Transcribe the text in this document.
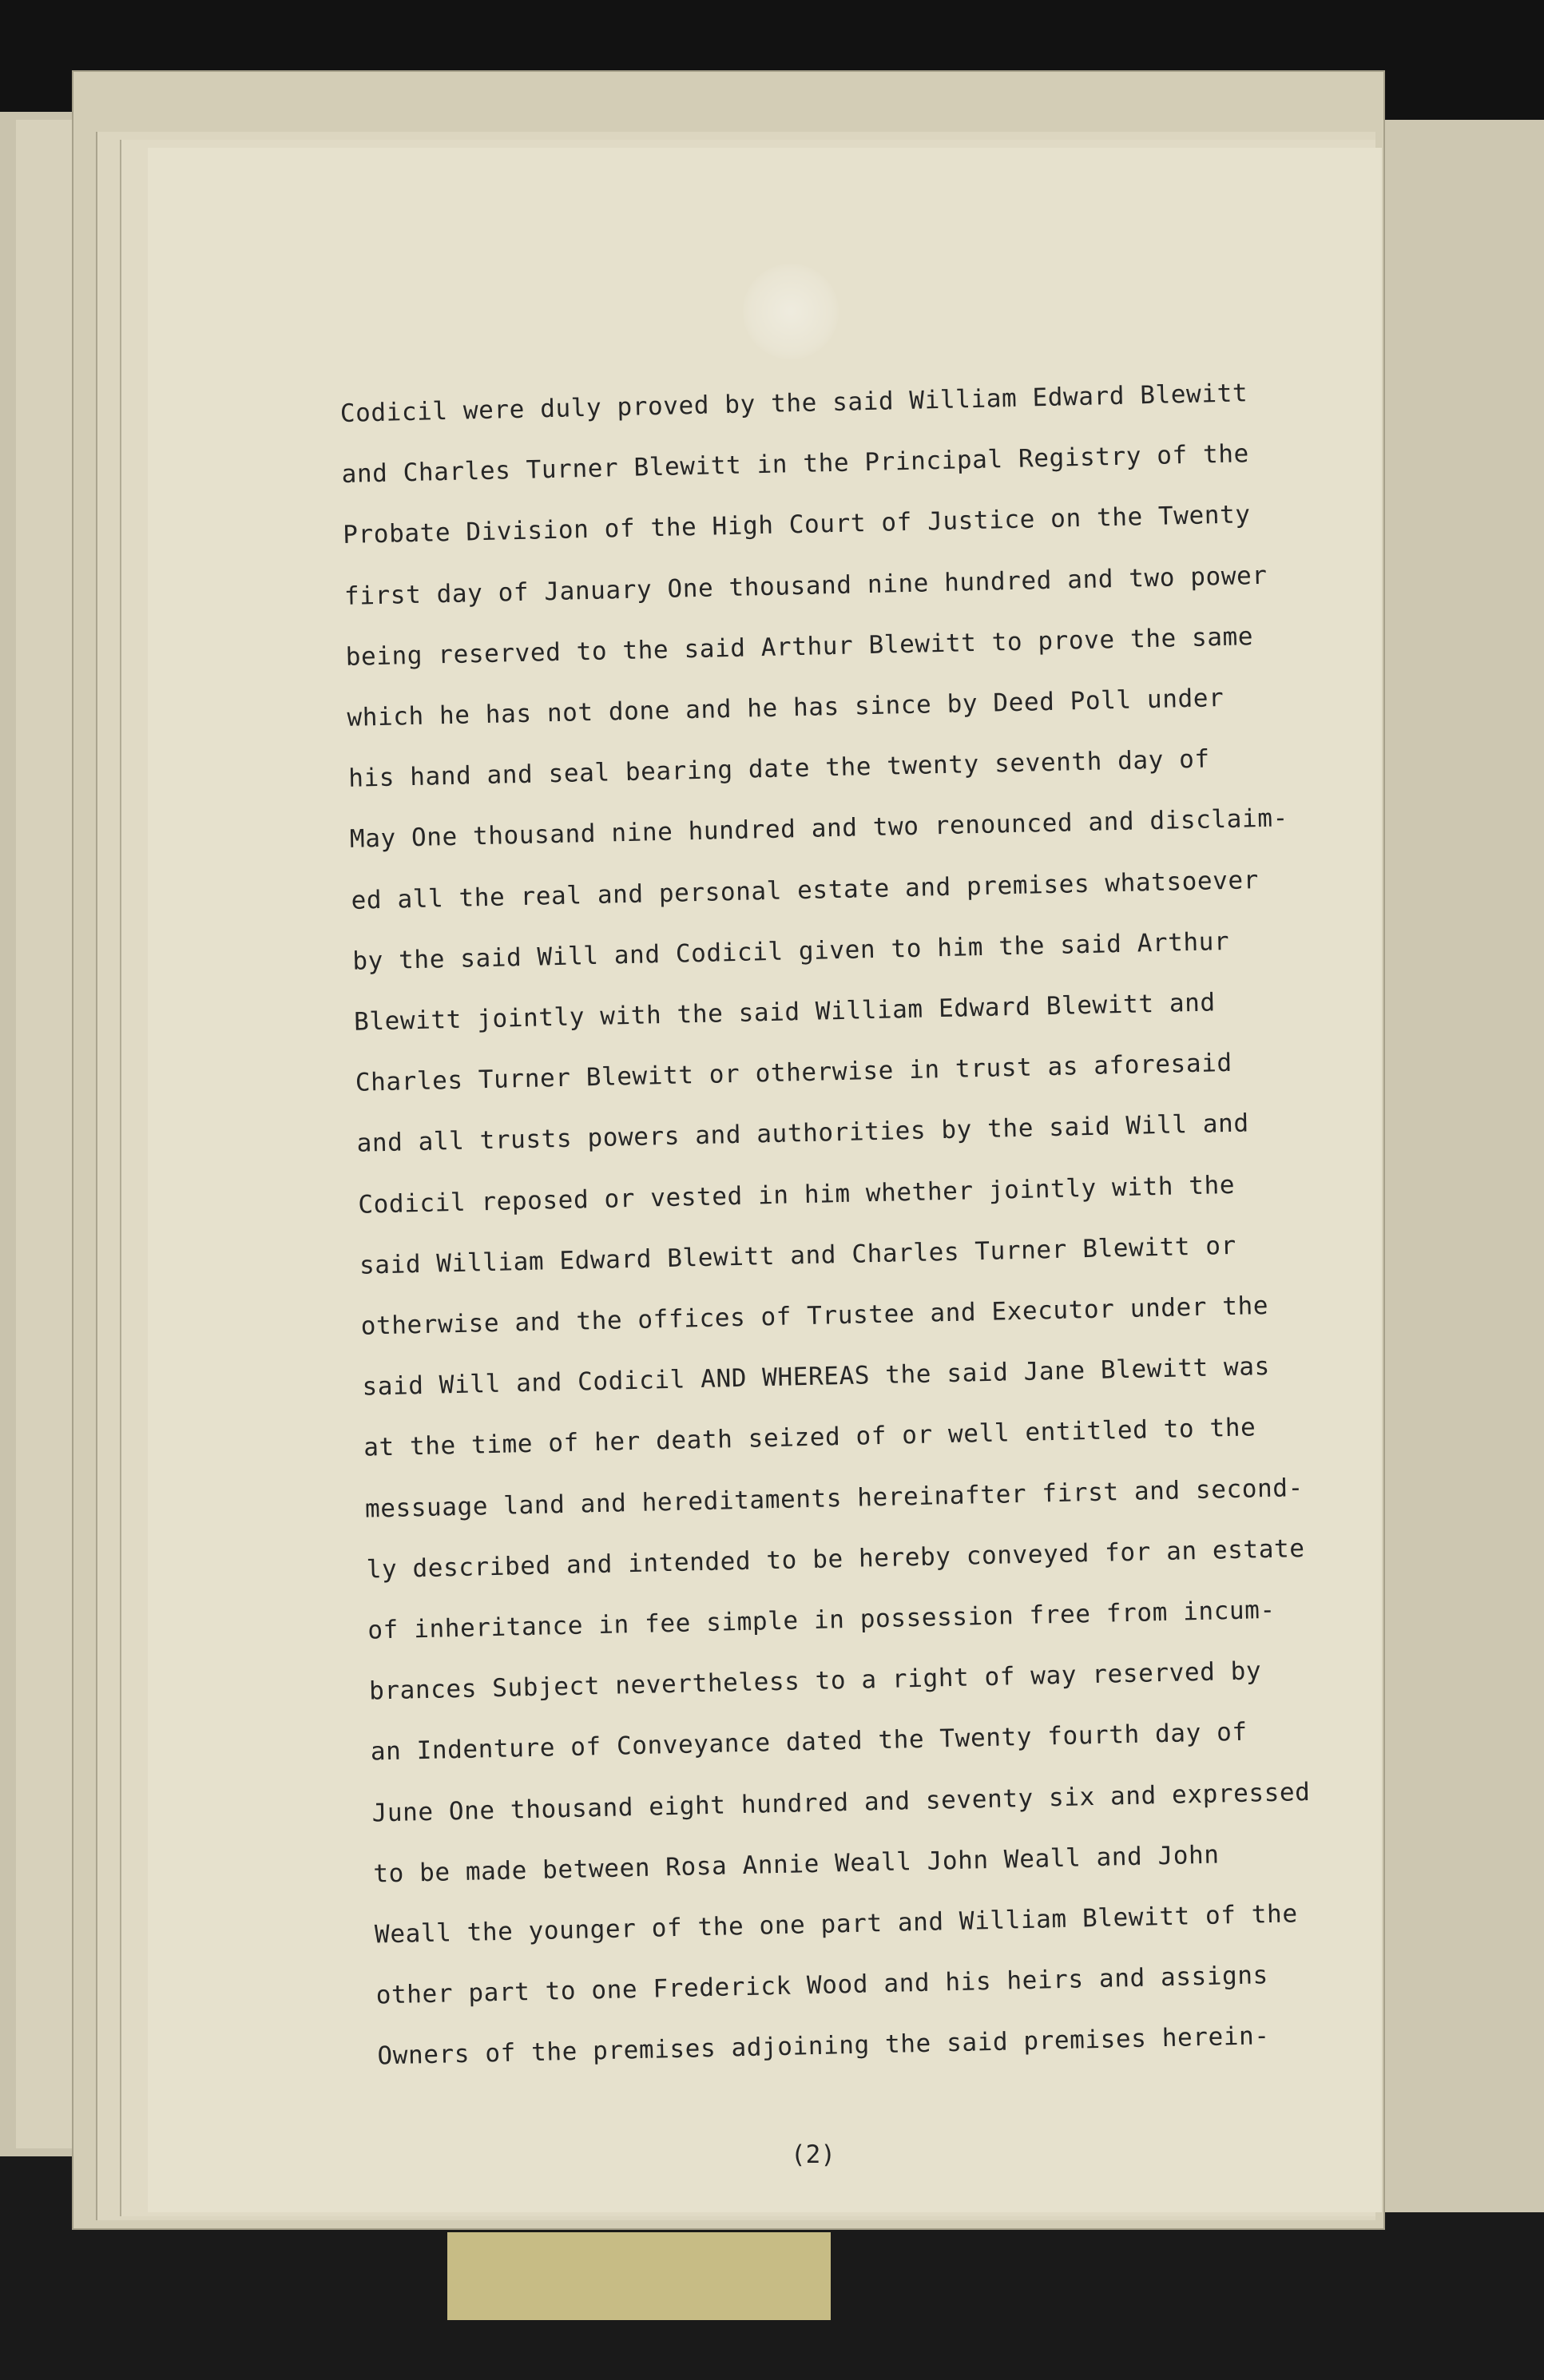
Codicil were duly proved by the said William Edward Blewitt
and Charles Turner Blewitt in the Principal Registry of the
Probate Division of the High Court of Justice on the Twenty
first day of January One thousand nine hundred and two power
being reserved to the said Arthur Blewitt to prove the same
which he has not done and he has since by Deed Poll under
his hand and seal bearing date the twenty seventh day of
May One thousand nine hundred and two renounced and disclaim-
ed all the real and personal estate and premises whatsoever
by the said Will and Codicil given to him the said Arthur
Blewitt jointly with the said William Edward Blewitt and
Charles Turner Blewitt or otherwise in trust as aforesaid
and all trusts powers and authorities by the said Will and
Codicil reposed or vested in him whether jointly with the
said William Edward Blewitt and Charles Turner Blewitt or
otherwise and the offices of Trustee and Executor under the
said Will and Codicil AND WHEREAS the said Jane Blewitt was
at the time of her death seized of or well entitled to the
messuage land and hereditaments hereinafter first and second-
ly described and intended to be hereby conveyed for an estate
of inheritance in fee simple in possession free from incum-
brances Subject nevertheless to a right of way reserved by
an Indenture of Conveyance dated the Twenty fourth day of
June One thousand eight hundred and seventy six and expressed
to be made between Rosa Annie Weall John Weall and John
Weall the younger of the one part and William Blewitt of the
other part to one Frederick Wood and his heirs and assigns
Owners of the premises adjoining the said premises herein-
(2)
